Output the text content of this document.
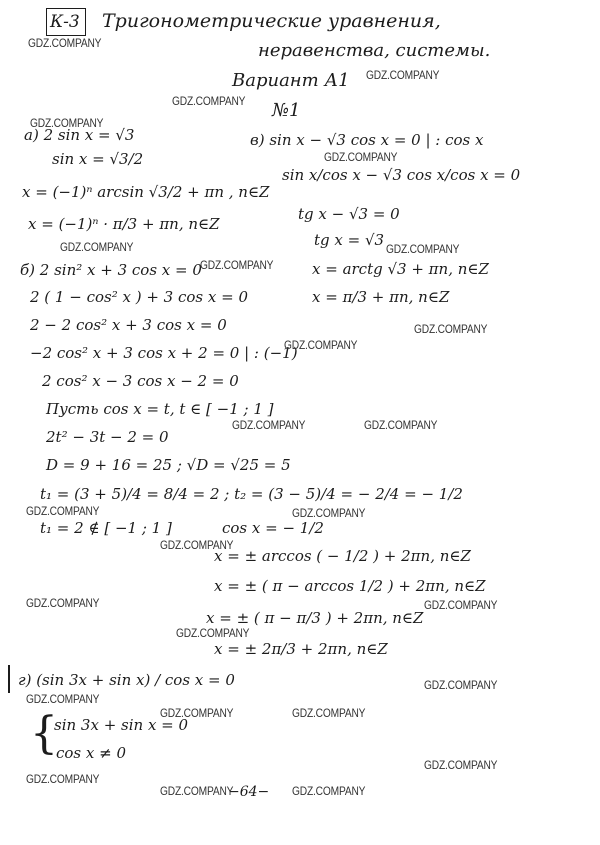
К-3 Тригонометрические уравнения,
неравенства, системы.
Вариант А1
№1
а) 2 sin x = √3
sin x = √3/2
x = (−1)ⁿ arcsin √3/2 + πn , n∈Z
x = (−1)ⁿ · π/3 + πn, n∈Z
в) sin x − √3 cos x = 0 | : cos x
sin x/cos x − √3 cos x/cos x = 0
tg x − √3 = 0
tg x = √3
x = arctg √3 + πn, n∈Z
x = π/3 + πn, n∈Z
б) 2 sin² x + 3 cos x = 0
2 ( 1 − cos² x ) + 3 cos x = 0
2 − 2 cos² x + 3 cos x = 0
−2 cos² x + 3 cos x + 2 = 0 | : (−1)
2 cos² x − 3 cos x − 2 = 0
Пусть cos x = t, t ∈ [ −1 ; 1 ]
2t² − 3t − 2 = 0
D = 9 + 16 = 25 ; √D = √25 = 5
t₁ = (3 + 5)/4 = 8/4 = 2 ; t₂ = (3 − 5)/4 = − 2/4 = − 1/2
t₁ = 2 ∉ [ −1 ; 1 ]	cos x = − 1/2
x = ± arccos ( − 1/2 ) + 2πn, n∈Z
x = ± ( π − arccos 1/2 ) + 2πn, n∈Z
x = ± ( π − π/3 ) + 2πn, n∈Z
x = ± 2π/3 + 2πn, n∈Z
г) (sin 3x + sin x) / cos x = 0
{
sin 3x + sin x = 0
cos x ≠ 0
−64−
GDZ.COMPANY
GDZ.COMPANY
GDZ.COMPANY
GDZ.COMPANY
GDZ.COMPANY
GDZ.COMPANY	GDZ.COMPANY
GDZ.COMPANY
GDZ.COMPANY
GDZ.COMPANY
GDZ.COMPANY	GDZ.COMPANY
GDZ.COMPANY	GDZ.COMPANY
GDZ.COMPANY
GDZ.COMPANY	GDZ.COMPANY
GDZ.COMPANY
GDZ.COMPANY
GDZ.COMPANY
GDZ.COMPANY	GDZ.COMPANY
GDZ.COMPANY
GDZ.COMPANY
GDZ.COMPANY	GDZ.COMPANY
